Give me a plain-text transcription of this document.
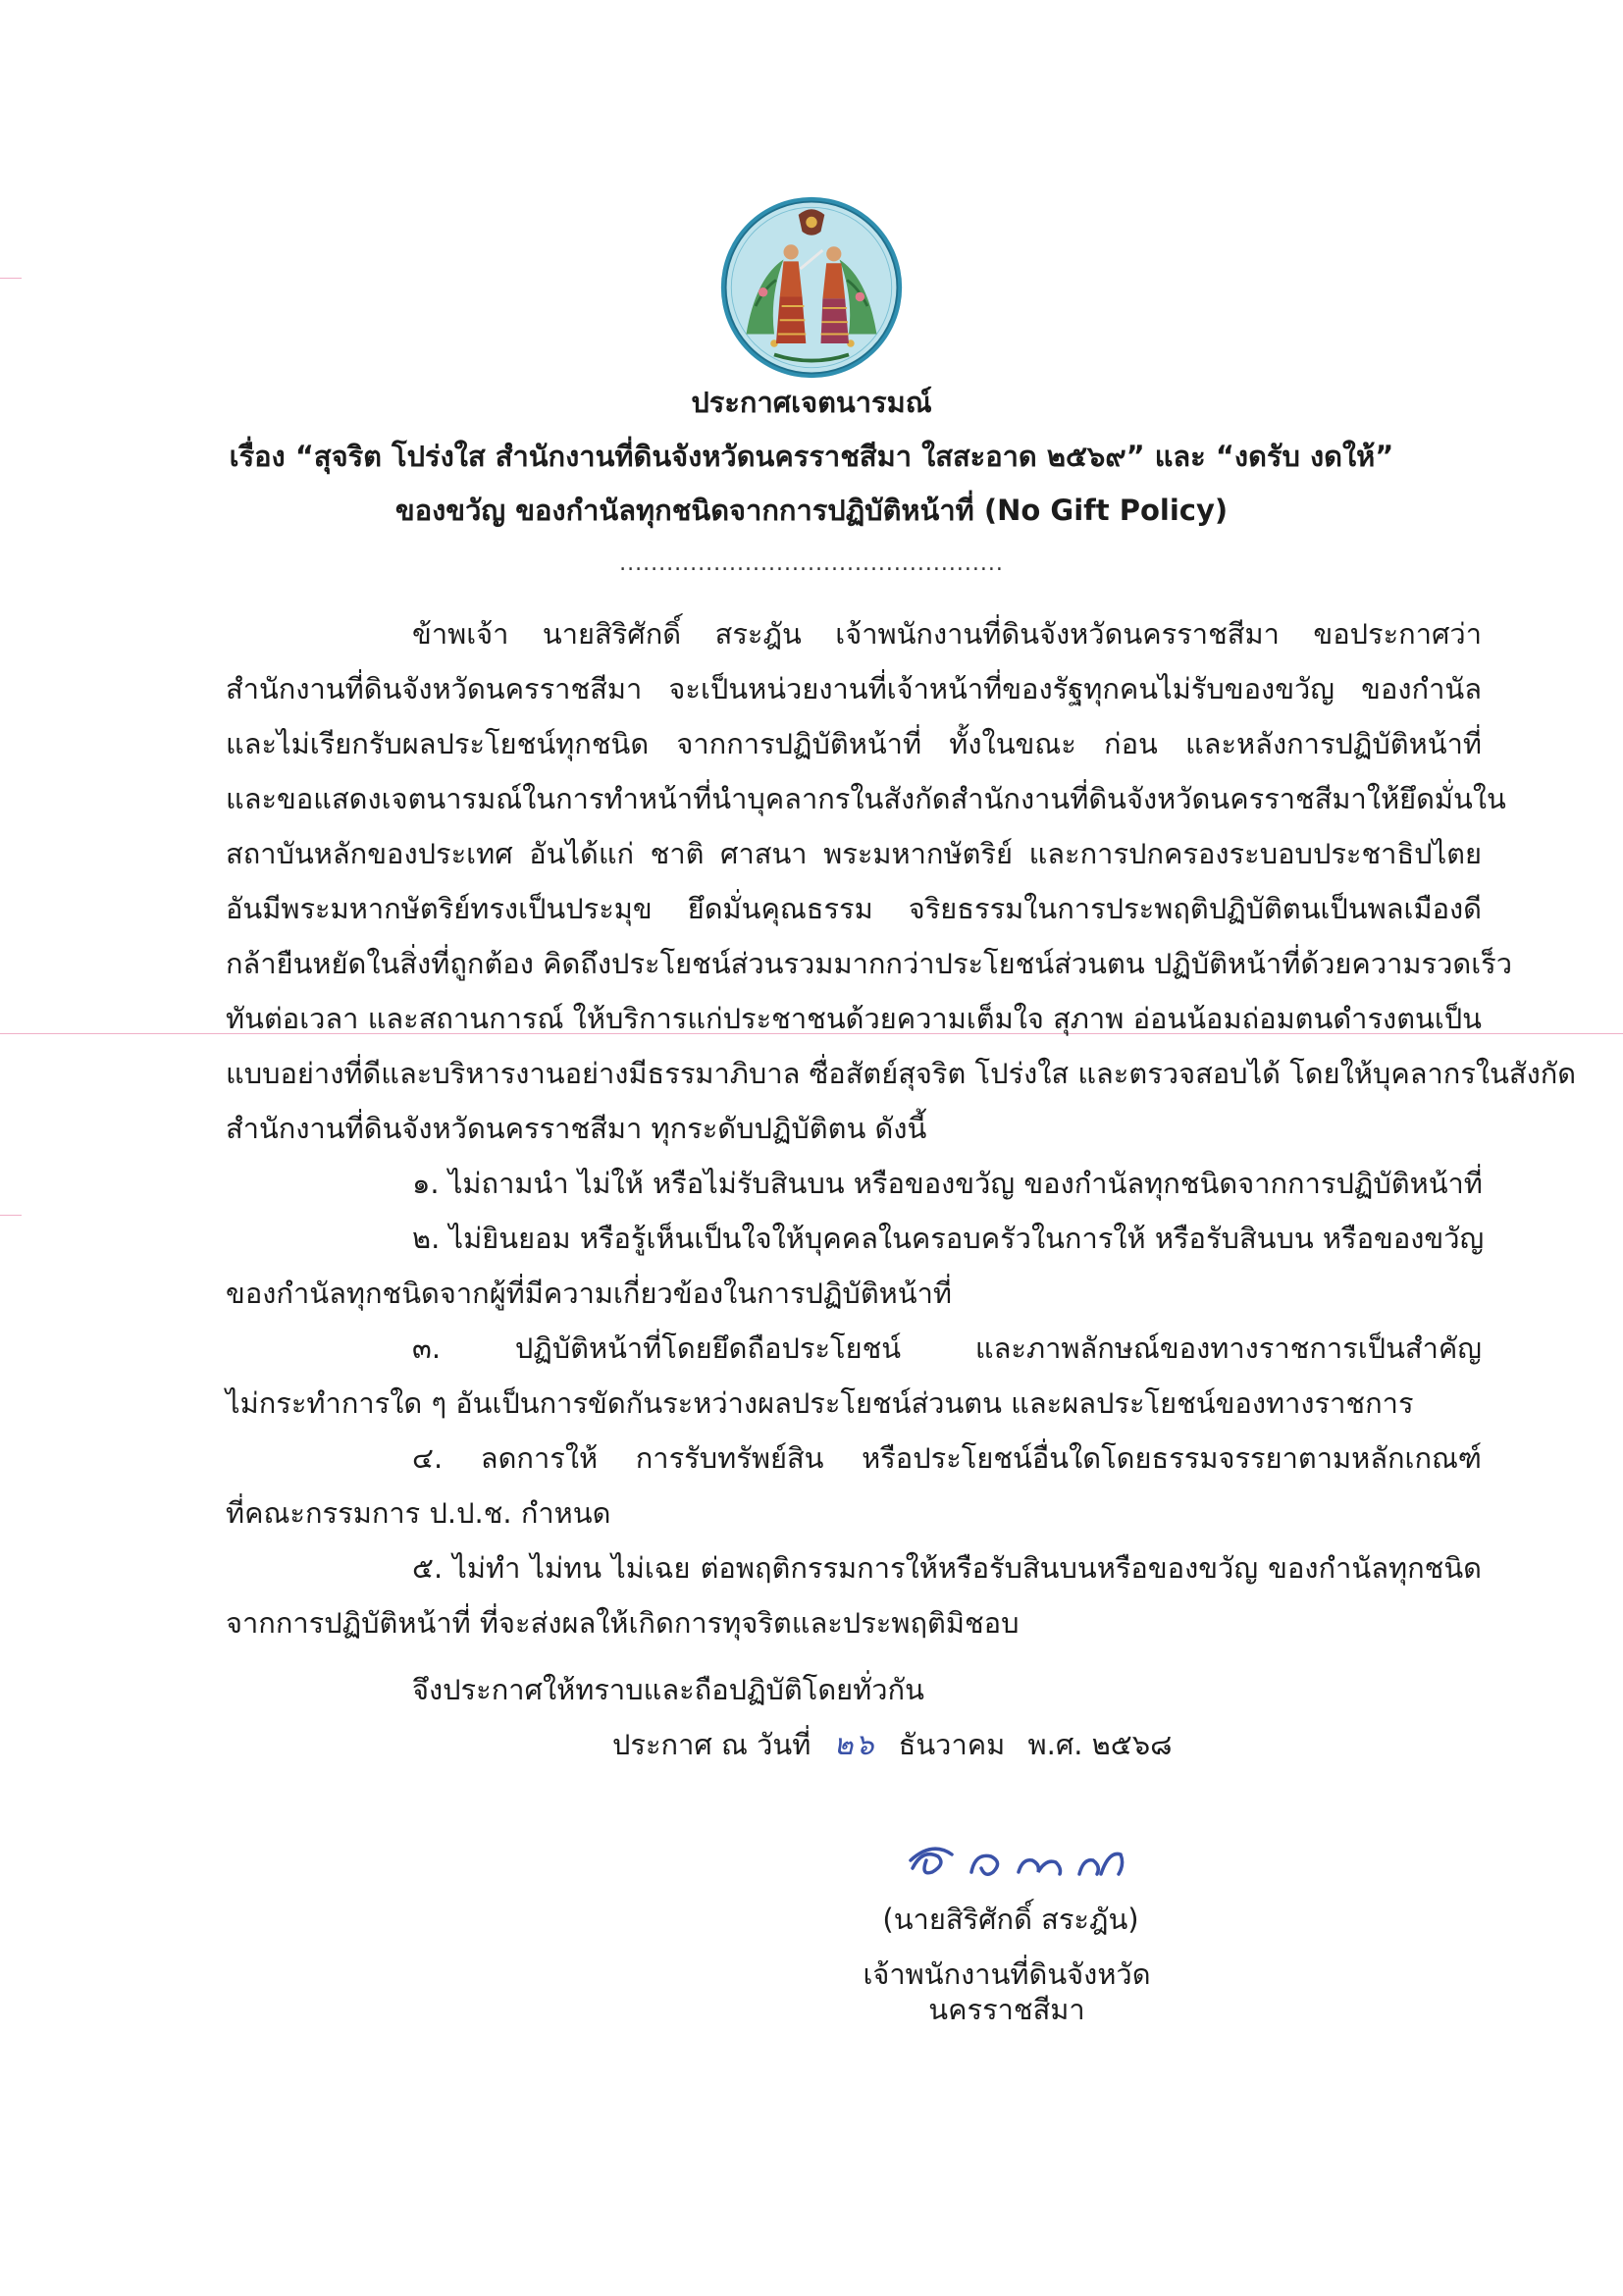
ประกาศเจตนารมณ์
เรื่อง “สุจริต โปร่งใส สำนักงานที่ดินจังหวัดนครราชสีมา ใสสะอาด ๒๕๖๙” และ “งดรับ งดให้”
ของขวัญ ของกำนัลทุกชนิดจากการปฏิบัติหน้าที่ (No Gift Policy)
.................................................
ข้าพเจ้า นายสิริศักดิ์ สระฎัน เจ้าพนักงานที่ดินจังหวัดนครราชสีมา ขอประกาศว่า
สำนักงานที่ดินจังหวัดนครราชสีมา จะเป็นหน่วยงานที่เจ้าหน้าที่ของรัฐทุกคนไม่รับของขวัญ ของกำนัล
และไม่เรียกรับผลประโยชน์ทุกชนิด จากการปฏิบัติหน้าที่ ทั้งในขณะ ก่อน และหลังการปฏิบัติหน้าที่
และขอแสดงเจตนารมณ์ในการทำหน้าที่นำบุคลากรในสังกัดสำนักงานที่ดินจังหวัดนครราชสีมาให้ยึดมั่นใน
สถาบันหลักของประเทศ อันได้แก่ ชาติ ศาสนา พระมหากษัตริย์ และการปกครองระบอบประชาธิปไตย
อันมีพระมหากษัตริย์ทรงเป็นประมุข ยึดมั่นคุณธรรม จริยธรรมในการประพฤติปฏิบัติตนเป็นพลเมืองดี
กล้ายืนหยัดในสิ่งที่ถูกต้อง คิดถึงประโยชน์ส่วนรวมมากกว่าประโยชน์ส่วนตน ปฏิบัติหน้าที่ด้วยความรวดเร็ว
ทันต่อเวลา และสถานการณ์ ให้บริการแก่ประชาชนด้วยความเต็มใจ สุภาพ อ่อนน้อมถ่อมตนดำรงตนเป็น
แบบอย่างที่ดีและบริหารงานอย่างมีธรรมาภิบาล ซื่อสัตย์สุจริต โปร่งใส และตรวจสอบได้ โดยให้บุคลากรในสังกัด
สำนักงานที่ดินจังหวัดนครราชสีมา ทุกระดับปฏิบัติตน ดังนี้
๑. ไม่ถามนำ ไม่ให้ หรือไม่รับสินบน หรือของขวัญ ของกำนัลทุกชนิดจากการปฏิบัติหน้าที่
๒. ไม่ยินยอม หรือรู้เห็นเป็นใจให้บุคคลในครอบครัวในการให้ หรือรับสินบน หรือของขวัญ
ของกำนัลทุกชนิดจากผู้ที่มีความเกี่ยวข้องในการปฏิบัติหน้าที่
๓. ปฏิบัติหน้าที่โดยยึดถือประโยชน์ และภาพลักษณ์ของทางราชการเป็นสำคัญ
ไม่กระทำการใด ๆ อันเป็นการขัดกันระหว่างผลประโยชน์ส่วนตน และผลประโยชน์ของทางราชการ
๔. ลดการให้ การรับทรัพย์สิน หรือประโยชน์อื่นใดโดยธรรมจรรยาตามหลักเกณฑ์
ที่คณะกรรมการ ป.ป.ช. กำหนด
๕. ไม่ทำ ไม่ทน ไม่เฉย ต่อพฤติกรรมการให้หรือรับสินบนหรือของขวัญ ของกำนัลทุกชนิด
จากการปฏิบัติหน้าที่ ที่จะส่งผลให้เกิดการทุจริตและประพฤติมิชอบ
จึงประกาศให้ทราบและถือปฏิบัติโดยทั่วกัน
ประกาศ ณ วันที่ ๒๖ ธันวาคม พ.ศ. ๒๕๖๘
(นายสิริศักดิ์ สระฎัน)
เจ้าพนักงานที่ดินจังหวัดนครราชสีมา
